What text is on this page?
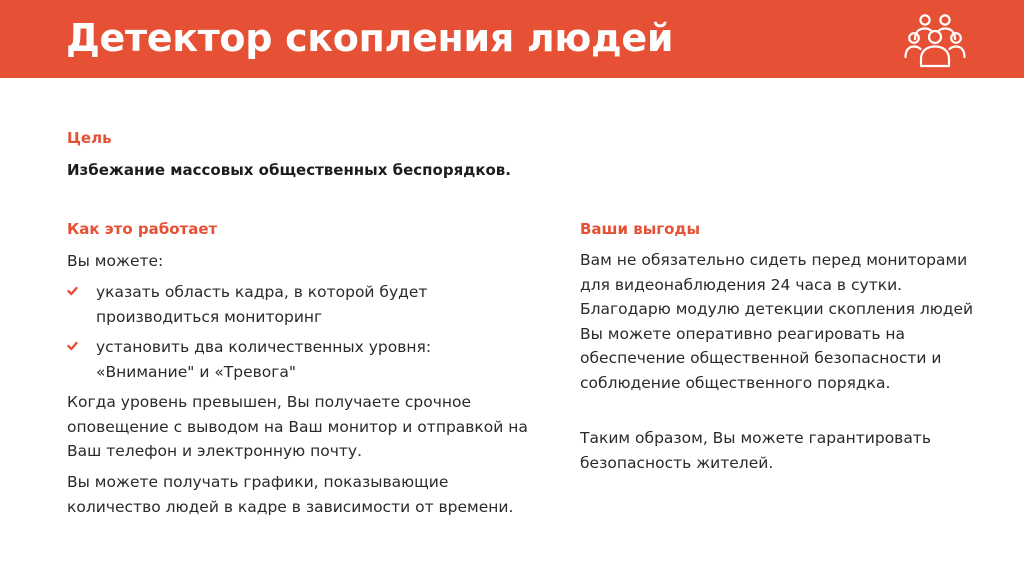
Детектор скопления людей
Цель

Избежание массовых общественных беспорядков.

Как это работает

Вы можете:

указать область кадра, в которой будет производиться мониторинг

установить два количественных уровня: «Внимание" и «Тревога"

Когда уровень превышен, Вы получаете срочное оповещение с выводом на Ваш монитор и отправкой на Ваш телефон и электронную почту.

Вы можете получать графики, показывающие количество людей в кадре в зависимости от времени.

Ваши выгоды

Вам не обязательно сидеть перед мониторами для видеонаблюдения 24 часа в сутки. Благодарю модулю детекции скопления людей Вы можете оперативно реагировать на обеспечение общественной безопасности и соблюдение общественного порядка.

Таким образом, Вы можете гарантировать безопасность жителей.
